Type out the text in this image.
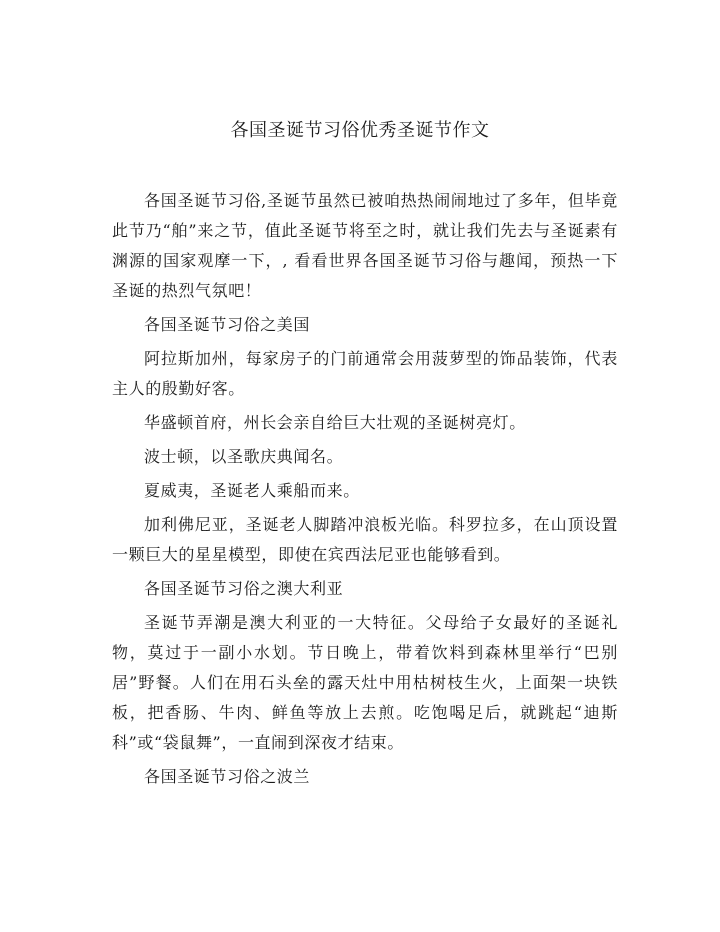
各国圣诞节习俗优秀圣诞节作文

各国圣诞节习俗,圣诞节虽然已被咱热热闹闹地过了多年，但毕竟此节乃“舶”来之节，值此圣诞节将至之时，就让我们先去与圣诞素有渊源的国家观摩一下，, 看看世界各国圣诞节习俗与趣闻，预热一下圣诞的热烈气氛吧！

各国圣诞节习俗之美国

阿拉斯加州，每家房子的门前通常会用菠萝型的饰品装饰，代表主人的殷勤好客。

华盛顿首府，州长会亲自给巨大壮观的圣诞树亮灯。

波士顿，以圣歌庆典闻名。

夏威夷，圣诞老人乘船而来。

加利佛尼亚，圣诞老人脚踏冲浪板光临。科罗拉多，在山顶设置一颗巨大的星星模型，即使在宾西法尼亚也能够看到。

各国圣诞节习俗之澳大利亚

圣诞节弄潮是澳大利亚的一大特征。父母给子女最好的圣诞礼物，莫过于一副小水划。节日晚上，带着饮料到森林里举行“巴别居”野餐。人们在用石头垒的露天灶中用枯树枝生火，上面架一块铁板，把香肠、牛肉、鲜鱼等放上去煎。吃饱喝足后，就跳起“迪斯科”或“袋鼠舞”，一直闹到深夜才结束。

各国圣诞节习俗之波兰
